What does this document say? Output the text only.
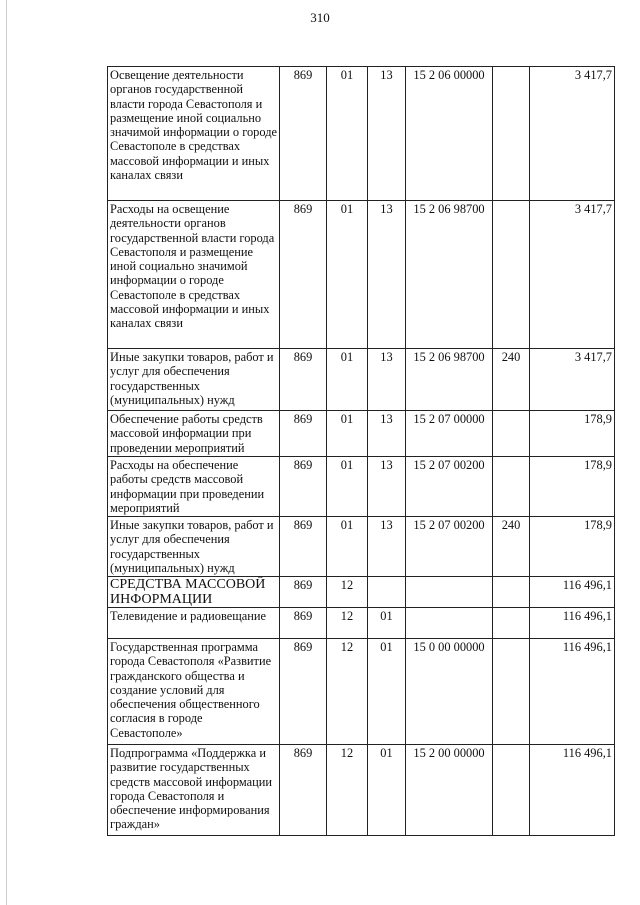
310
Освещение деятельности органов государственной власти города Севастополя и размещение иной социально значимой информации о городе Севастополе в средствах массовой информации и иных каналах связи	869	01	13	15 2 06 00000		3 417,7
Расходы на освещение деятельности органов государственной власти города Севастополя и размещение иной социально значимой информации о городе Севастополе в средствах массовой информации и иных каналах связи	869	01	13	15 2 06 98700		3 417,7
Иные закупки товаров, работ и услуг для обеспечения государственных (муниципальных) нужд	869	01	13	15 2 06 98700	240	3 417,7
Обеспечение работы средств массовой информации при проведении мероприятий	869	01	13	15 2 07 00000		178,9
Расходы на обеспечение работы средств массовой информации при проведении мероприятий	869	01	13	15 2 07 00200		178,9
Иные закупки товаров, работ и услуг для обеспечения государственных (муниципальных) нужд	869	01	13	15 2 07 00200	240	178,9
СРЕДСТВА МАССОВОЙ ИНФОРМАЦИИ	869	12				116 496,1
Телевидение и радиовещание	869	12	01			116 496,1
Государственная программа города Севастополя «Развитие гражданского общества и создание условий для обеспечения общественного согласия в городе Севастополе»	869	12	01	15 0 00 00000		116 496,1
Подпрограмма «Поддержка и развитие государственных средств массовой информации города Севастополя и обеспечение информирования граждан»	869	12	01	15 2 00 00000		116 496,1
